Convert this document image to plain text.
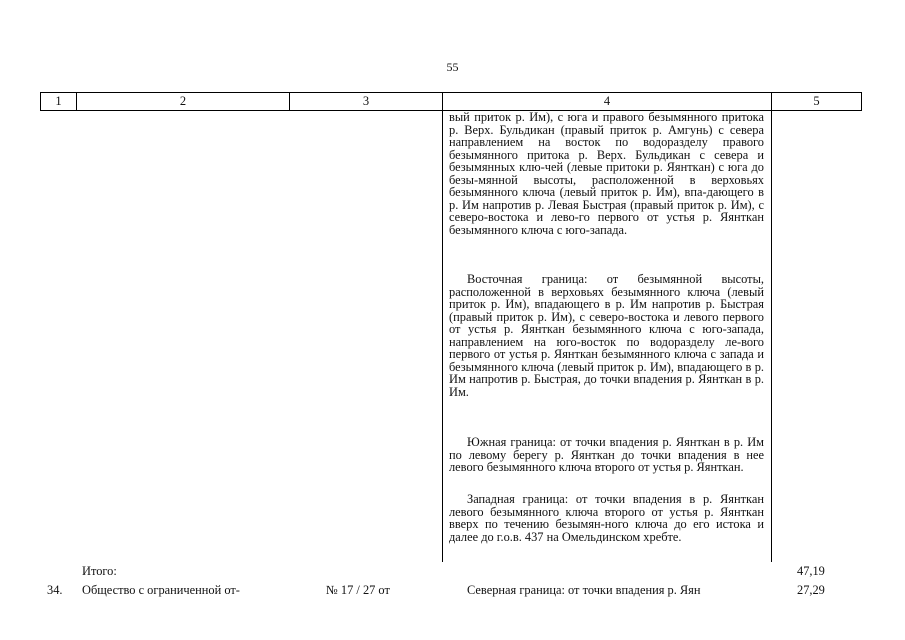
55
1	2	3	4	5

вый приток р. Им), с юга и правого безымянного притока р. Верх. Бульдикан (правый приток р. Амгунь) с севера направлением на восток по водоразделу правого безымянного притока р. Верх. Бульдикан с севера и безымянных клю-чей (левые притоки р. Яянткан) с юга до безы-мянной высоты, расположенной в верховьях безымянного ключа (левый приток р. Им), впа-дающего в р. Им напротив р. Левая Быстрая (правый приток р. Им), с северо-востока и лево-го первого от устья р. Яянткан безымянного ключа с юго-запада.

Восточная граница: от безымянной высоты, расположенной в верховьях безымянного ключа (левый приток р. Им), впадающего в р. Им напротив р. Быстрая (правый приток р. Им), с северо-востока и левого первого от устья р. Яянткан безымянного ключа с юго-запада, направлением на юго-восток по водоразделу ле-вого первого от устья р. Яянткан безымянного ключа с запада и безымянного ключа (левый приток р. Им), впадающего в р. Им напротив р. Быстрая, до точки впадения р. Яянткан в р. Им.

Южная граница: от точки впадения р. Яянткан в р. Им по левому берегу р. Яянткан до точки впадения в нее левого безымянного ключа второго от устья р. Яянткан.

Западная граница: от точки впадения в р. Яянткан левого безымянного ключа второго от устья р. Яянткан вверх по течению безымян-ного ключа до его истока и далее до г.о.в. 437 на Омельдинском хребте.

Итого:	47,19
34. Общество с ограниченной от-	№ 17 / 27 от	Северная граница: от точки впадения р. Яян	27,29
